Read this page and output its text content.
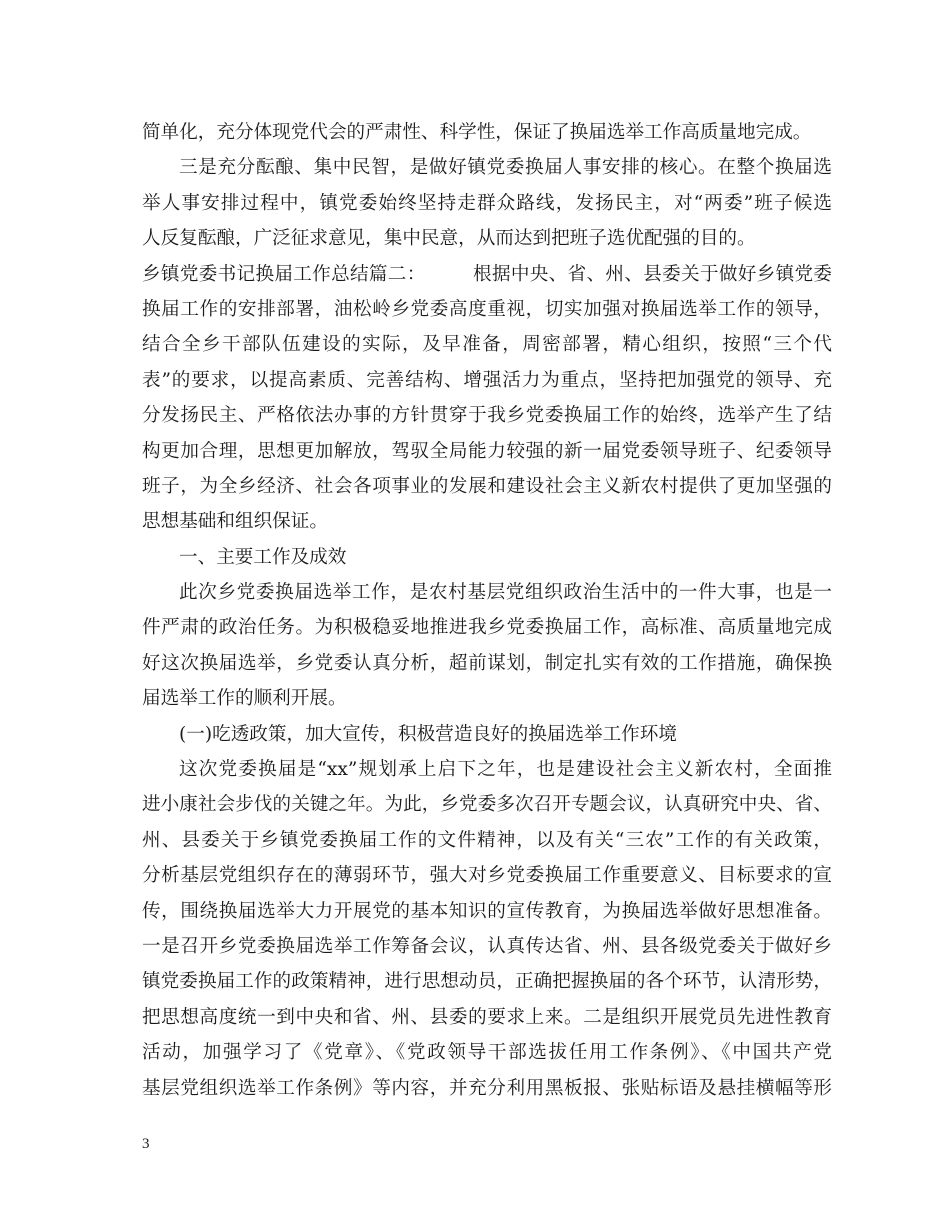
简单化，充分体现党代会的严肃性、科学性，保证了换届选举工作高质量地完成。
三是充分酝酿、集中民智，是做好镇党委换届人事安排的核心。在整个换届选
举人事安排过程中，镇党委始终坚持走群众路线，发扬民主，对“两委”班子候选
人反复酝酿，广泛征求意见，集中民意，从而达到把班子选优配强的目的。
乡镇党委书记换届工作总结篇二：　　　根据中央、省、州、县委关于做好乡镇党委
换届工作的安排部署，油松岭乡党委高度重视，切实加强对换届选举工作的领导，
结合全乡干部队伍建设的实际，及早准备，周密部署，精心组织，按照“三个代
表”的要求，以提高素质、完善结构、增强活力为重点，坚持把加强党的领导、充
分发扬民主、严格依法办事的方针贯穿于我乡党委换届工作的始终，选举产生了结
构更加合理，思想更加解放，驾驭全局能力较强的新一届党委领导班子、纪委领导
班子，为全乡经济、社会各项事业的发展和建设社会主义新农村提供了更加坚强的
思想基础和组织保证。
一、主要工作及成效
此次乡党委换届选举工作，是农村基层党组织政治生活中的一件大事，也是一
件严肃的政治任务。为积极稳妥地推进我乡党委换届工作，高标准、高质量地完成
好这次换届选举，乡党委认真分析，超前谋划，制定扎实有效的工作措施，确保换
届选举工作的顺利开展。
(一)吃透政策，加大宣传，积极营造良好的换届选举工作环境
这次党委换届是“xx”规划承上启下之年，也是建设社会主义新农村，全面推
进小康社会步伐的关键之年。为此，乡党委多次召开专题会议，认真研究中央、省、
州、县委关于乡镇党委换届工作的文件精神，以及有关“三农”工作的有关政策，
分析基层党组织存在的薄弱环节，强大对乡党委换届工作重要意义、目标要求的宣
传，围绕换届选举大力开展党的基本知识的宣传教育，为换届选举做好思想准备。
一是召开乡党委换届选举工作筹备会议，认真传达省、州、县各级党委关于做好乡
镇党委换届工作的政策精神，进行思想动员，正确把握换届的各个环节，认清形势，
把思想高度统一到中央和省、州、县委的要求上来。二是组织开展党员先进性教育
活动，加强学习了《党章》、《党政领导干部选拔任用工作条例》、《中国共产党
基层党组织选举工作条例》等内容，并充分利用黑板报、张贴标语及悬挂横幅等形
3
